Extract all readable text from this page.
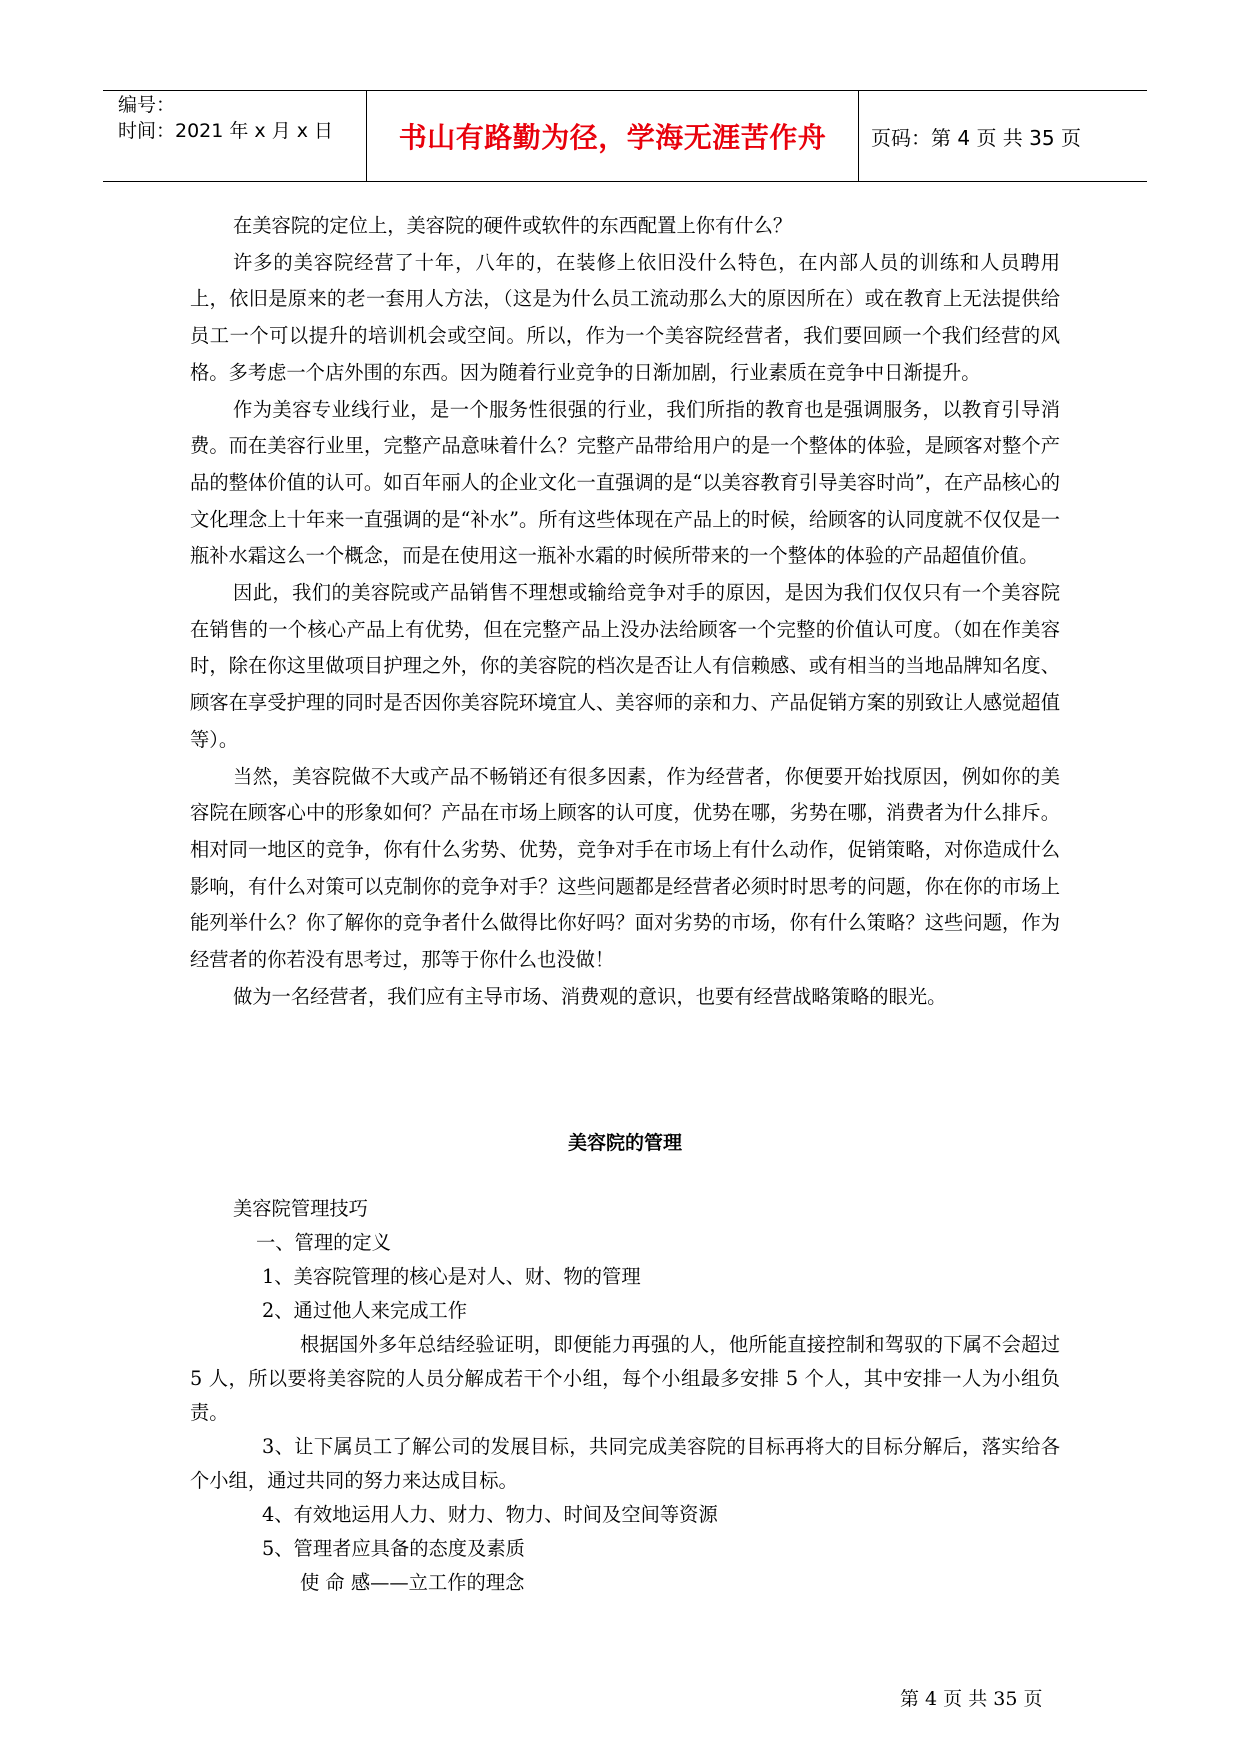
编号：
时间：2021 年 x 月 x 日	书山有路勤为径，学海无涯苦作舟 页码：第 4 页 共 35 页

在美容院的定位上，美容院的硬件或软件的东西配置上你有什么？

许多的美容院经营了十年，八年的，在装修上依旧没什么特色，在内部人员的训练和人员聘用上，依旧是原来的老一套用人方法，（这是为什么员工流动那么大的原因所在）或在教育上无法提供给员工一个可以提升的培训机会或空间。所以，作为一个美容院经营者，我们要回顾一个我们经营的风格。多考虑一个店外围的东西。因为随着行业竞争的日渐加剧，行业素质在竞争中日渐提升。

作为美容专业线行业，是一个服务性很强的行业，我们所指的教育也是强调服务，以教育引导消费。而在美容行业里，完整产品意味着什么？完整产品带给用户的是一个整体的体验，是顾客对整个产品的整体价值的认可。如百年丽人的企业文化一直强调的是“以美容教育引导美容时尚”，在产品核心的文化理念上十年来一直强调的是“补水”。所有这些体现在产品上的时候，给顾客的认同度就不仅仅是一瓶补水霜这么一个概念，而是在使用这一瓶补水霜的时候所带来的一个整体的体验的产品超值价值。

因此，我们的美容院或产品销售不理想或输给竞争对手的原因，是因为我们仅仅只有一个美容院在销售的一个核心产品上有优势，但在完整产品上没办法给顾客一个完整的价值认可度。（如在作美容时，除在你这里做项目护理之外，你的美容院的档次是否让人有信赖感、或有相当的当地品牌知名度、顾客在享受护理的同时是否因你美容院环境宜人、美容师的亲和力、产品促销方案的别致让人感觉超值等）。

当然，美容院做不大或产品不畅销还有很多因素，作为经营者，你便要开始找原因，例如你的美容院在顾客心中的形象如何？产品在市场上顾客的认可度，优势在哪，劣势在哪，消费者为什么排斥。相对同一地区的竞争，你有什么劣势、优势，竞争对手在市场上有什么动作，促销策略，对你造成什么影响，有什么对策可以克制你的竞争对手？这些问题都是经营者必须时时思考的问题，你在你的市场上能列举什么？你了解你的竞争者什么做得比你好吗？面对劣势的市场，你有什么策略？这些问题，作为经营者的你若没有思考过，那等于你什么也没做！

做为一名经营者，我们应有主导市场、消费观的意识，也要有经营战略策略的眼光。

美容院的管理
美容院管理技巧
一、管理的定义
1、美容院管理的核心是对人、财、物的管理
2、通过他人来完成工作
根据国外多年总结经验证明，即便能力再强的人，他所能直接控制和驾驭的下属不会超过 5 人，所以要将美容院的人员分解成若干个小组，每个小组最多安排 5 个人，其中安排一人为小组负责。
3、让下属员工了解公司的发展目标，共同完成美容院的目标再将大的目标分解后，落实给各个小组，通过共同的努力来达成目标。
4、有效地运用人力、财力、物力、时间及空间等资源
5、管理者应具备的态度及素质
使 命 感——立工作的理念
第 4 页 共 35 页
